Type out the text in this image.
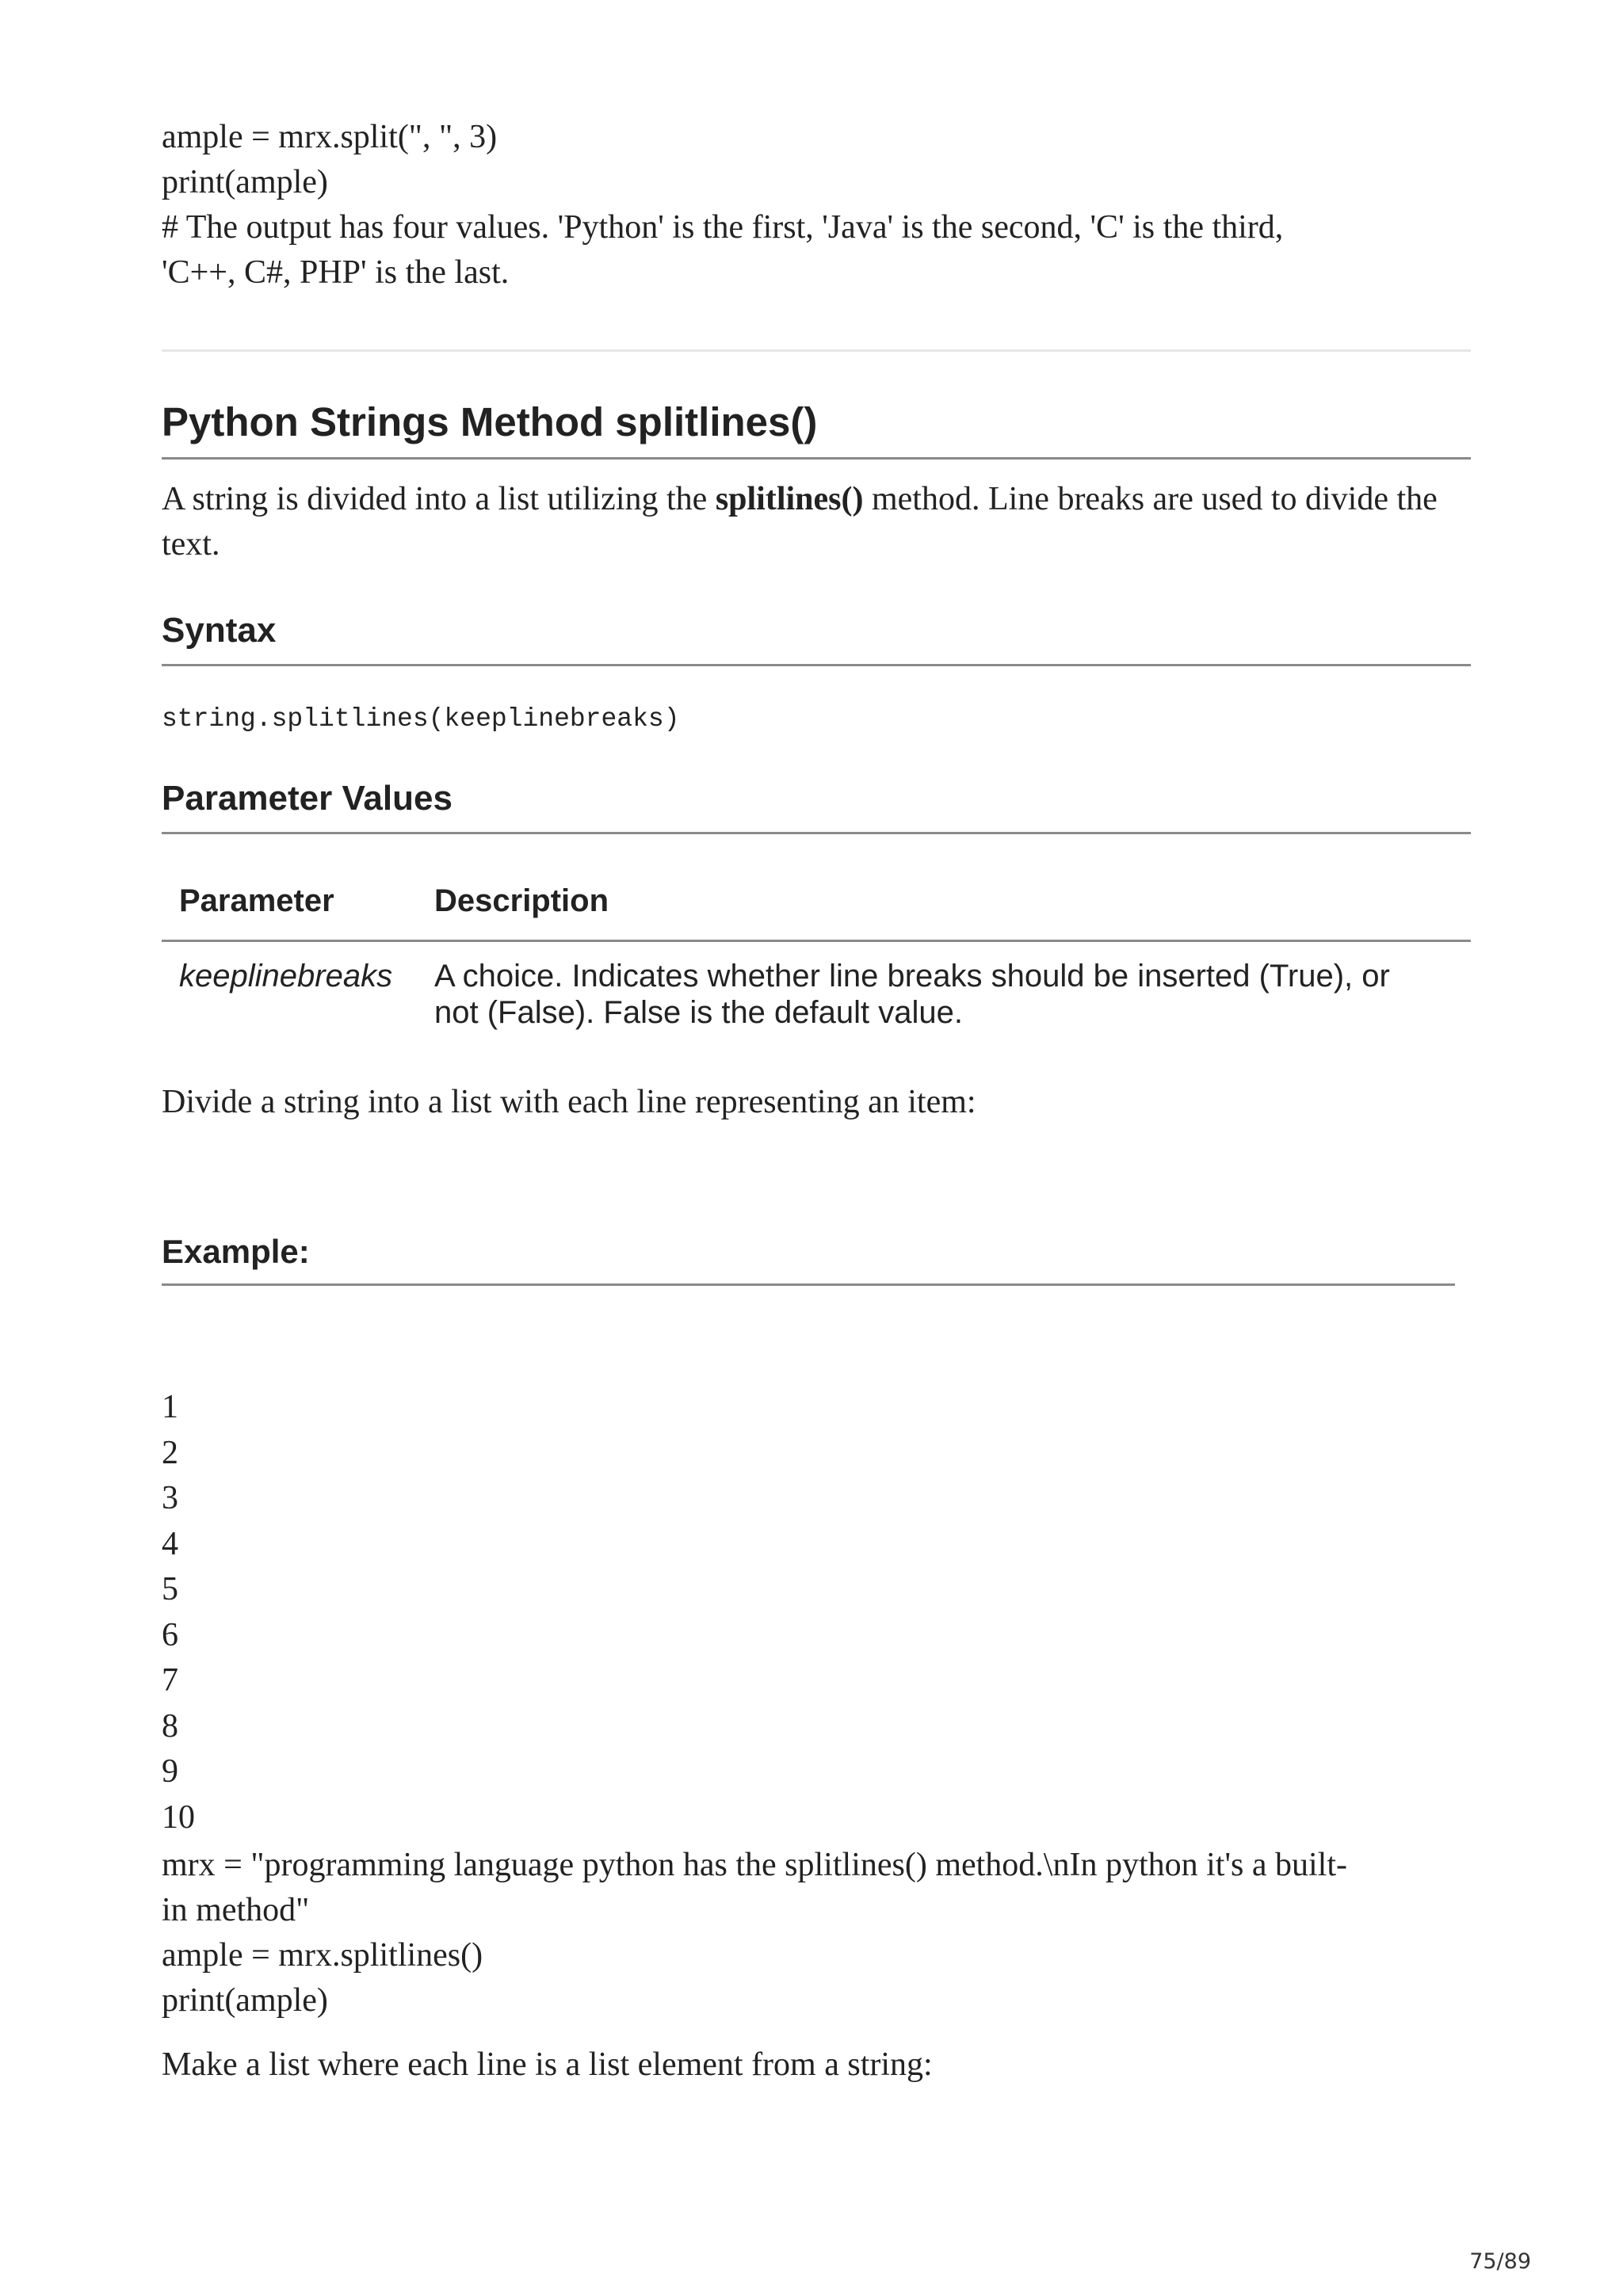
ample = mrx.split(", ", 3)
print(ample)
# The output has four values. 'Python' is the first, 'Java' is the second, 'C' is the third,
'C++, C#, PHP' is the last.
Python Strings Method splitlines()
A string is divided into a list utilizing the splitlines() method. Line breaks are used to divide the text.
Syntax
string.splitlines(keeplinebreaks)
Parameter Values
Parameter	Description
keeplinebreaks A choice. Indicates whether line breaks should be inserted (True), or
not (False). False is the default value.
Divide a string into a list with each line representing an item:
Example:
1
2
3
4
5
6
7
8
9
10
mrx = "programming language python has the splitlines() method.\nIn python it's a built-
in method"
ample = mrx.splitlines()
print(ample)
Make a list where each line is a list element from a string:
75/89
